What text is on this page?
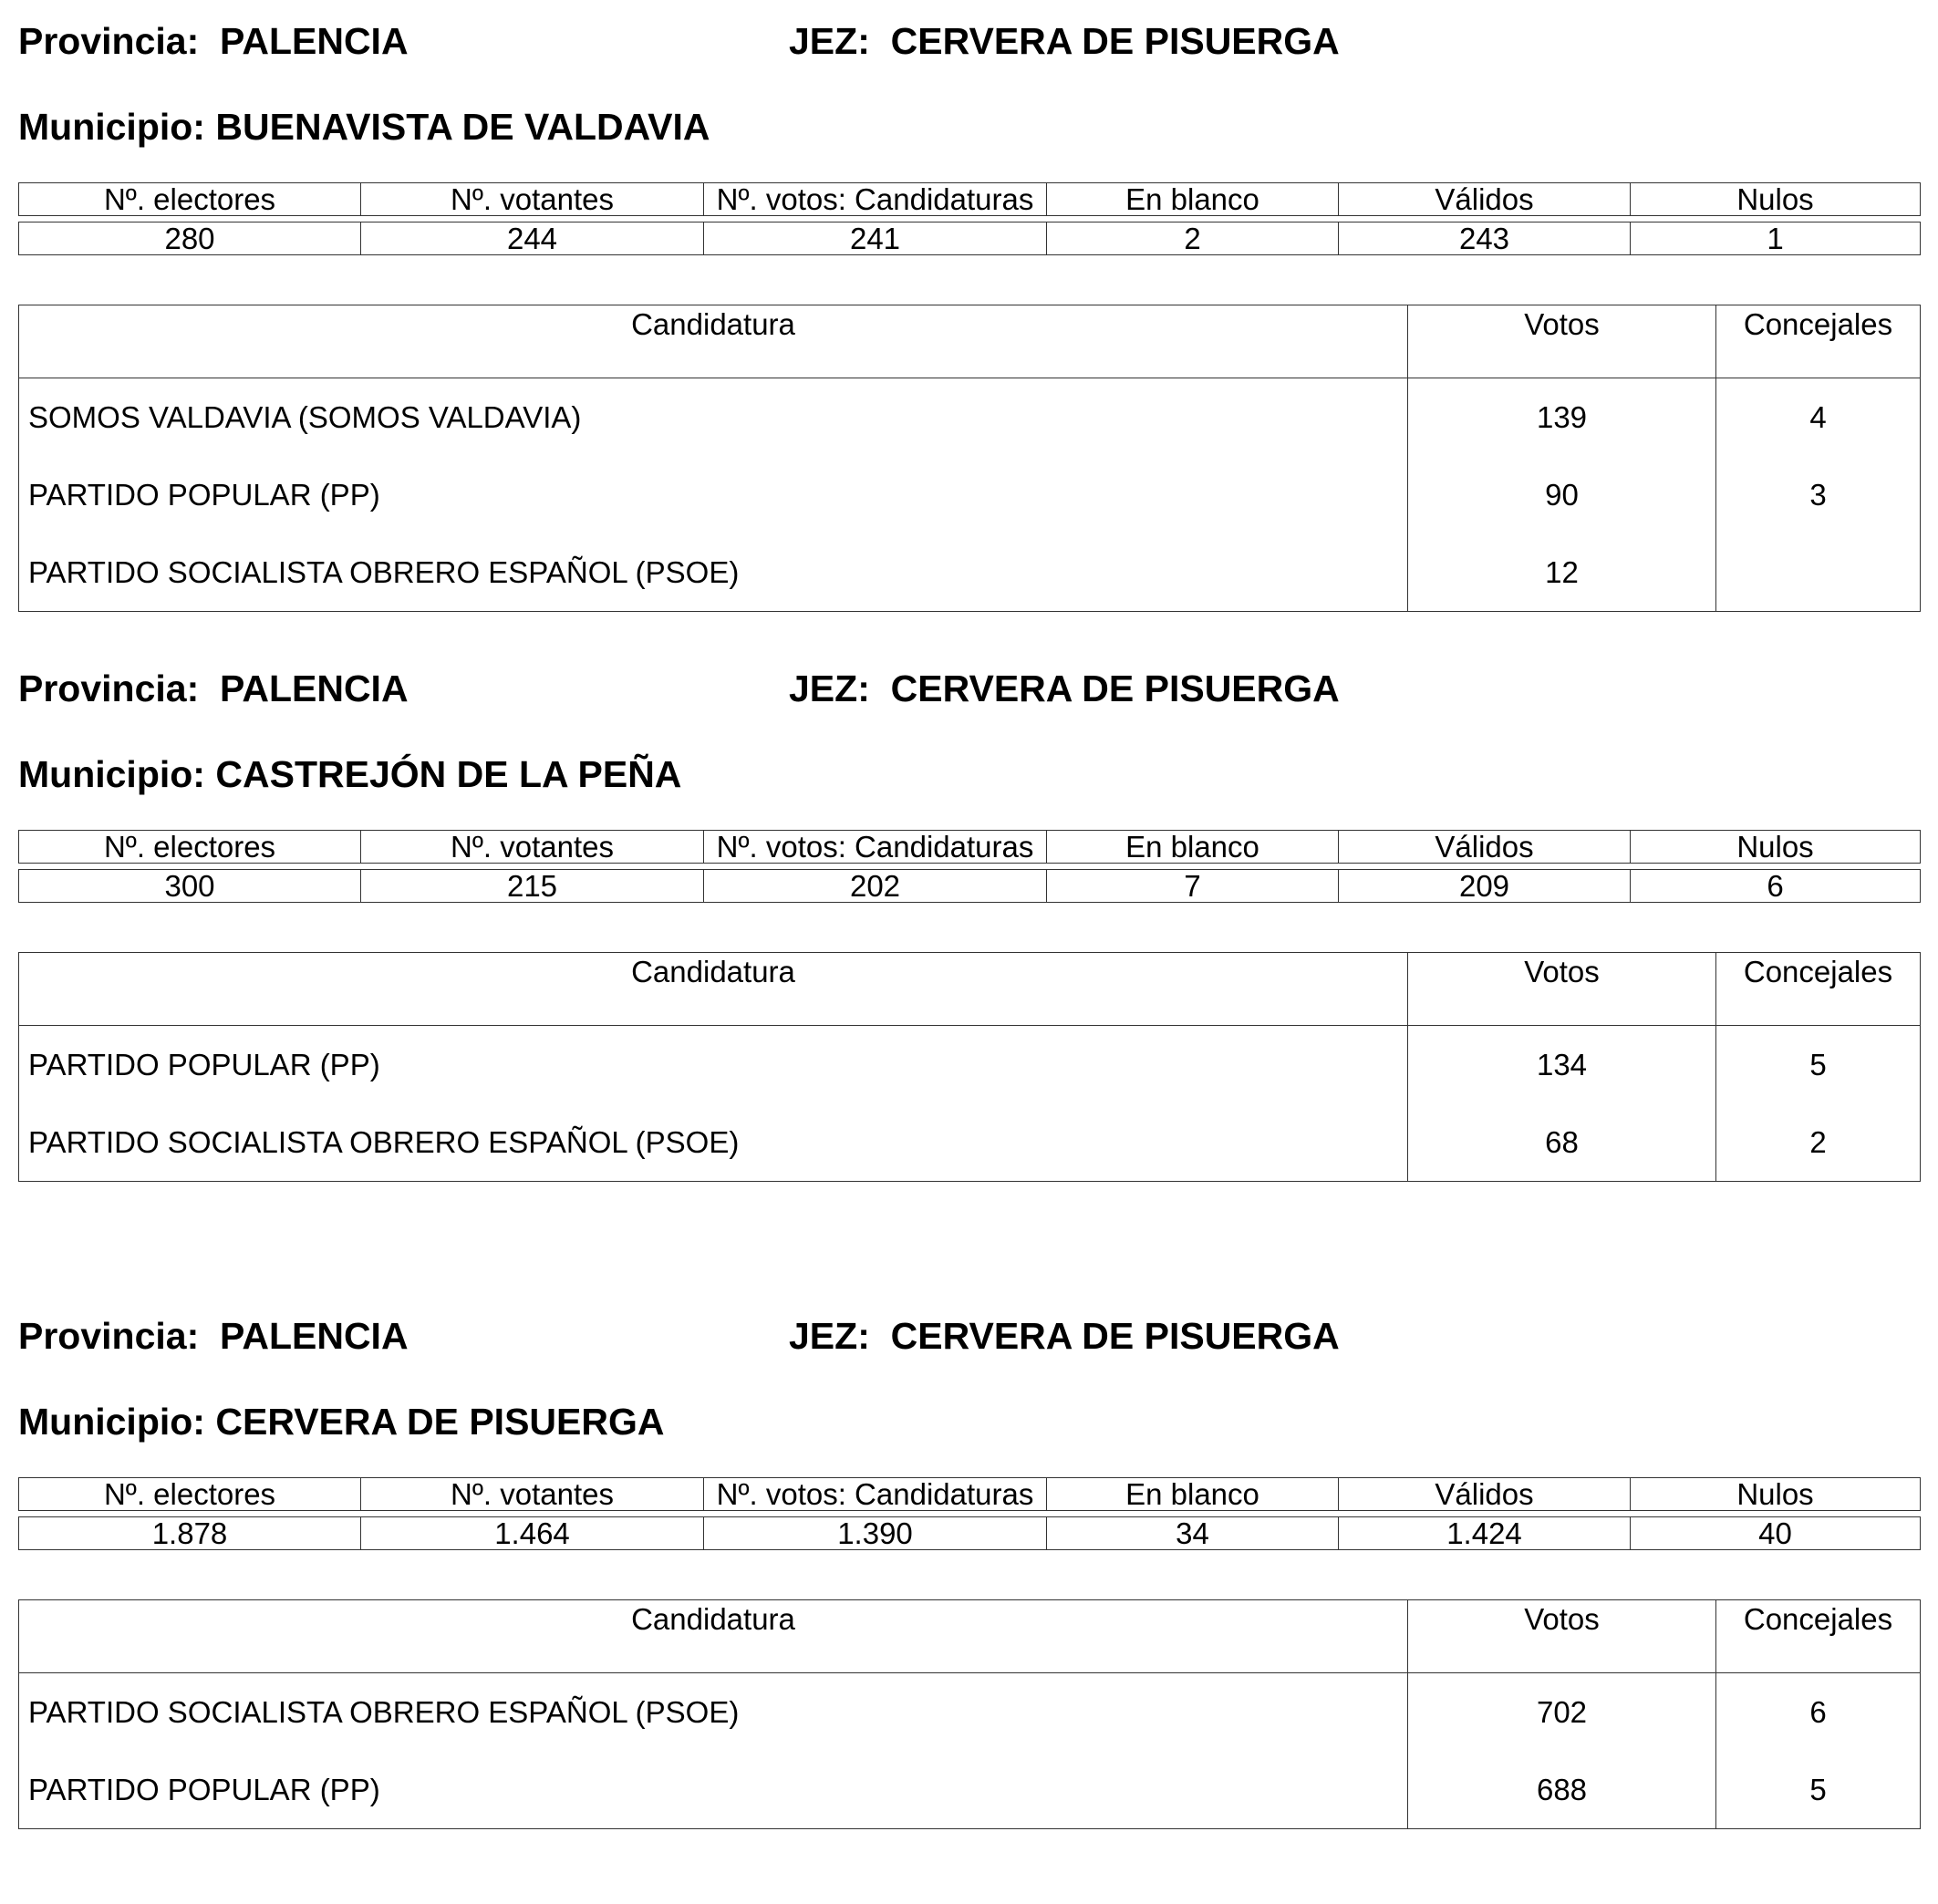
Provincia: PALENCIA	JEZ: CERVERA DE PISUERGA
Municipio: BUENAVISTA DE VALDAVIA
Nº. electores	Nº. votantes	Nº. votos: Candidaturas	En blanco	Válidos	Nulos

280	244	241	2	243	1
Candidatura	Votos	Concejales
SOMOS VALDAVIA (SOMOS VALDAVIA)	139	4
PARTIDO POPULAR (PP)	90	3
PARTIDO SOCIALISTA OBRERO ESPAÑOL (PSOE)	12	
Provincia: PALENCIA	JEZ: CERVERA DE PISUERGA
Municipio: CASTREJÓN DE LA PEÑA
Nº. electores	Nº. votantes	Nº. votos: Candidaturas	En blanco	Válidos	Nulos

300	215	202	7	209	6
Candidatura	Votos	Concejales
PARTIDO POPULAR (PP)	134	5
PARTIDO SOCIALISTA OBRERO ESPAÑOL (PSOE)	68	2
Provincia: PALENCIA	JEZ: CERVERA DE PISUERGA
Municipio: CERVERA DE PISUERGA
Nº. electores	Nº. votantes	Nº. votos: Candidaturas	En blanco	Válidos	Nulos

1.878	1.464	1.390	34	1.424	40
Candidatura	Votos	Concejales
PARTIDO SOCIALISTA OBRERO ESPAÑOL (PSOE)	702	6
PARTIDO POPULAR (PP)	688	5
